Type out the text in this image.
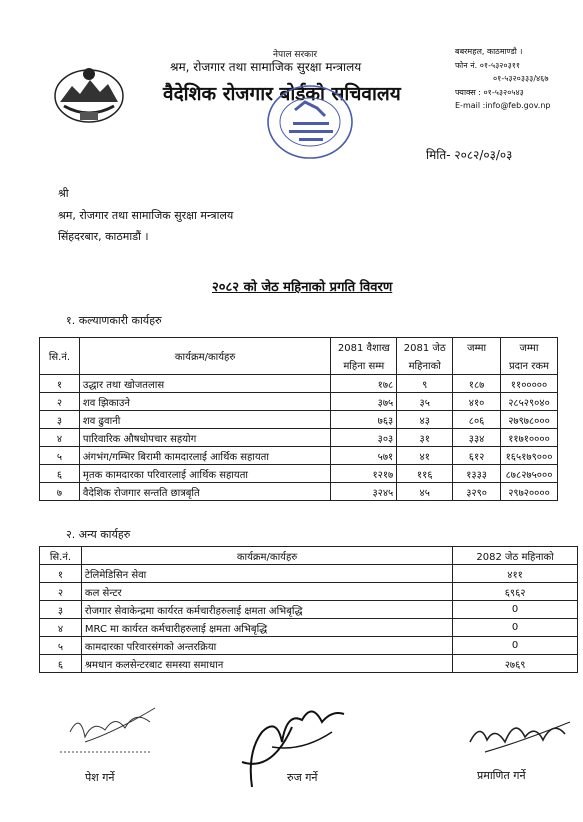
नेपाल सरकार
श्रम, रोजगार तथा सामाजिक सुरक्षा मन्त्रालय
वैदेशिक रोजगार बोर्डको सचिवालय
बबरमहल, काठमाण्डौ ।
फोन नं. ०१-५३२०३११
०१-५३२०३३३/४६७
फ्याक्स : ०१-५३२०५४३
E-mail :info@feb.gov.np
मिति- २०८२/०३/०३
श्री
श्रम, रोजगार तथा सामाजिक सुरक्षा मन्त्रालय
सिंहदरबार, काठमाडौं ।
२०८२ को जेठ महिनाको प्रगति विवरण
१. कल्याणकारी कार्यहरु
सि.नं.	कार्यक्रम/कार्यहरु	2081 वैशाख	2081 जेठ	जम्मा	जम्मा
		महिना सम्म	महिनाको		प्रदान रकम
१	उद्धार तथा खोजतलास	१७८	९	१८७	११०००००
२	शव झिकाउने	३७५	३५	४१०	२८५२९०४०
३	शव ढुवानी	७६३	४३	८०६	२७९७८०००
४	पारिवारिक औषधोपचार सहयोग	३०३	३१	३३४	११७१००००
५	अंगभंग/गम्भिर बिरामी कामदारलाई आर्थिक सहायता	५७१	४१	६१२	१६५१७९०००
६	मृतक कामदारका परिवारलाई आर्थिक सहायता	१२१७	११६	१३३३	८७८२७५०००
७	वैदेशिक रोजगार सन्तति छात्रबृति	३२४५	४५	३२९०	२९७२००००
२. अन्य कार्यहरु
सि.नं.	कार्यक्रम/कार्यहरु	2082 जेठ महिनाको
१	टेलिमेडिसिन सेवा	४११
२	कल सेन्टर	६९६२
३	रोजगार सेवाकेन्द्रमा कार्यरत कर्मचारीहरुलाई क्षमता अभिबृद्धि	0
४	MRC मा कार्यरत कर्मचारीहरुलाई क्षमता अभिबृद्धि	0
५	कामदारका परिवारसंगको अन्तरक्रिया	0
६	श्रमधान कलसेन्टरबाट समस्या समाधान	२७६९
पेश गर्ने	रुज गर्ने	प्रमाणित गर्ने
